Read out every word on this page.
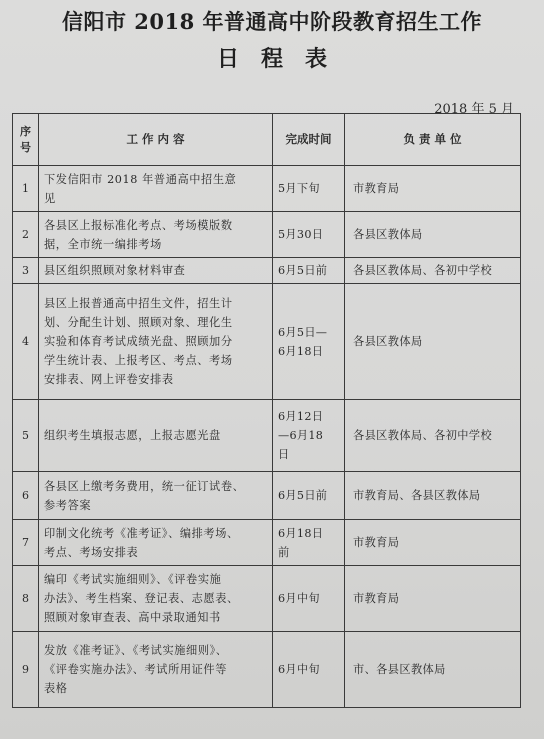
信阳市 2018 年普通高中阶段教育招生工作
日程表
2018 年 5 月
序
号	工 作 内 容	完成时间	负 责 单 位
1	下发信阳市 2018 年普通高中招生意
见	5月下旬	市教育局
2	各县区上报标准化考点、考场模版数
据，全市统一编排考场	5月30日	各县区教体局
3	县区组织照顾对象材料审查	6月5日前	各县区教体局、各初中学校
4	县区上报普通高中招生文件，招生计
划、分配生计划、照顾对象、理化生
实验和体育考试成绩光盘、照顾加分
学生统计表、上报考区、考点、考场
安排表、网上评卷安排表	6月5日—
6月18日	各县区教体局
5	组织考生填报志愿，上报志愿光盘	6月12日
—6月18
日	各县区教体局、各初中学校
6	各县区上缴考务费用，统一征订试卷、
参考答案	6月5日前	市教育局、各县区教体局
7	印制文化统考《准考证》、编排考场、
考点、考场安排表	6月18日
前	市教育局
8	编印《考试实施细则》、《评卷实施
办法》、考生档案、登记表、志愿表、
照顾对象审查表、高中录取通知书	6月中旬	市教育局
9	发放《准考证》、《考试实施细则》、
《评卷实施办法》、考试所用证件等
表格	6月中旬	市、各县区教体局
